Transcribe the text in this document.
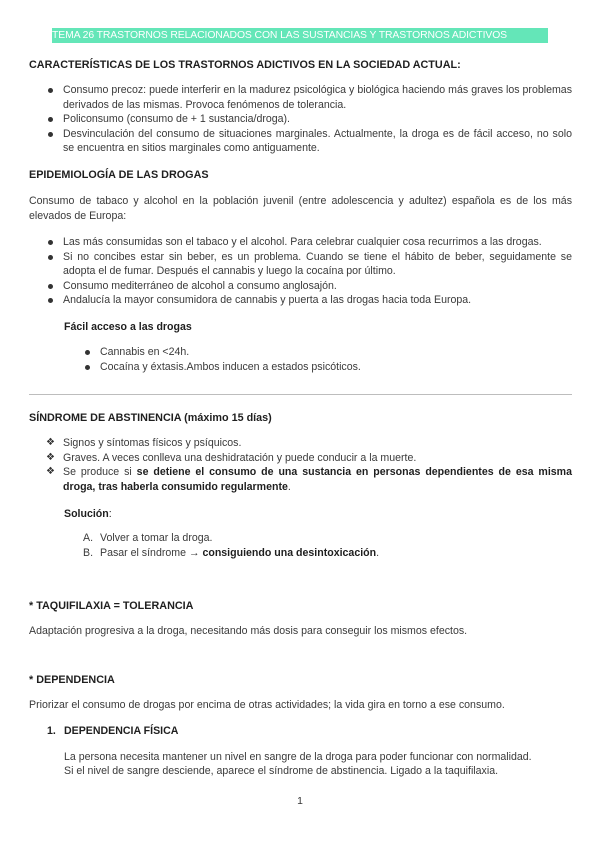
TEMA 26 TRASTORNOS RELACIONADOS CON LAS SUSTANCIAS Y TRASTORNOS ADICTIVOS
CARACTERÍSTICAS DE LOS TRASTORNOS ADICTIVOS EN LA SOCIEDAD ACTUAL:
Consumo precoz: puede interferir en la madurez psicológica y biológica haciendo más graves los problemas derivados de las mismas. Provoca fenómenos de tolerancia.
Policonsumo (consumo de + 1 sustancia/droga).
Desvinculación del consumo de situaciones marginales. Actualmente, la droga es de fácil acceso, no solo se encuentra en sitios marginales como antiguamente.
EPIDEMIOLOGÍA DE LAS DROGAS
Consumo de tabaco y alcohol en la población juvenil (entre adolescencia y adultez) española es de los más elevados de Europa:
Las más consumidas son el tabaco y el alcohol. Para celebrar cualquier cosa recurrimos a las drogas.
Si no concibes estar sin beber, es un problema. Cuando se tiene el hábito de beber, seguidamente se adopta el de fumar. Después el cannabis y luego la cocaína por último.
Consumo mediterráneo de alcohol a consumo anglosajón.
Andalucía la mayor consumidora de cannabis y puerta a las drogas hacia toda Europa.
Fácil acceso a las drogas
Cannabis en <24h.
Cocaína y éxtasis.Ambos inducen a estados psicóticos.
SÍNDROME DE ABSTINENCIA (máximo 15 días)
❖ Signos y síntomas físicos y psíquicos.
❖ Graves. A veces conlleva una deshidratación y puede conducir a la muerte.
❖ Se produce si se detiene el consumo de una sustancia en personas dependientes de esa misma droga, tras haberla consumido regularmente.
Solución:
A. Volver a tomar la droga.
B. Pasar el síndrome → consiguiendo una desintoxicación.
* TAQUIFILAXIA = TOLERANCIA
Adaptación progresiva a la droga, necesitando más dosis para conseguir los mismos efectos.
* DEPENDENCIA
Priorizar el consumo de drogas por encima de otras actividades; la vida gira en torno a ese consumo.
1. DEPENDENCIA FÍSICA
La persona necesita mantener un nivel en sangre de la droga para poder funcionar con normalidad.
Si el nivel de sangre desciende, aparece el síndrome de abstinencia. Ligado a la taquifilaxia.
1
